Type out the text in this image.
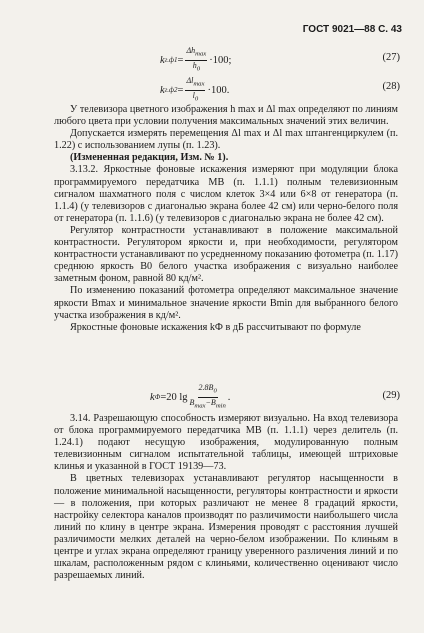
ГОСТ 9021—88 С. 43
k $г.ф1 = \frac{\Delta h_{max}}{h_0} \cdot 100$;	(27)
k $г.ф2 = \frac{\Delta l_{max}}{l_0} \cdot 100$.	(28)

У телевизора цветного изображения h max и Δl max определяют по линиям любого цвета при условии получения максимальных значений этих величин.

Допускается измерять перемещения Δl max и Δl max штангенциркулем (п. 1.22) с использованием лупы (п. 1.23).

(Измененная редакция, Изм. № 1).

3.13.2. Яркостные фоновые искажения измеряют при модуляции блока программируемого передатчика МВ (п. 1.1.1) полным телевизионным сигналом шахматного поля с числом клеток 3×4 или 6×8 от генератора (п. 1.1.4) (у телевизоров с диагональю экрана более 42 см) или черно-белого поля от генератора (п. 1.1.6) (у телевизоров с диагональю экрана не более 42 см).

Регулятор контрастности устанавливают в положение максимальной контрастности. Регулятором яркости и, при необходимости, регулятором контрастности устанавливают по усредненному показанию фотометра (п. 1.17) среднюю яркость B0 белого участка изображения с визуально наиболее заметным фоном, равной 80 кд/м².

По изменению показаний фотометра определяют максимальное значение яркости Bmax и минимальное значение яркости Bmin для выбранного белого участка изображения в кд/м².

Яркостные фоновые искажения kФ в дБ рассчитывают по формуле

k Ф =20 $\lg \frac{2.8B_0}{B_{max}-B_{min}}$ .	(29)

3.14. Разрешающую способность измеряют визуально. На вход телевизора от блока программируемого передатчика МВ (п. 1.1.1) через делитель (п. 1.24.1) подают несущую изображения, модулированную полным телевизионным сигналом испытательной таблицы, имеющей штриховые клинья и указанной в ГОСТ 19139—73.

В цветных телевизорах устанавливают регулятор насыщенности в положение минимальной насыщенности, регуляторы контрастности и яркости — в положения, при которых различают не менее 8 градаций яркости, настройку селектора каналов производят по различимости наибольшего числа линий по клину в центре экрана. Измерения проводят с расстояния лучшей различимости мелких деталей на черно-белом изображении. По клиньям в центре и углах экрана определяют границу уверенного различения линий и по шкалам, расположенным рядом с клиньями, количественно оценивают число разрешаемых линий.
